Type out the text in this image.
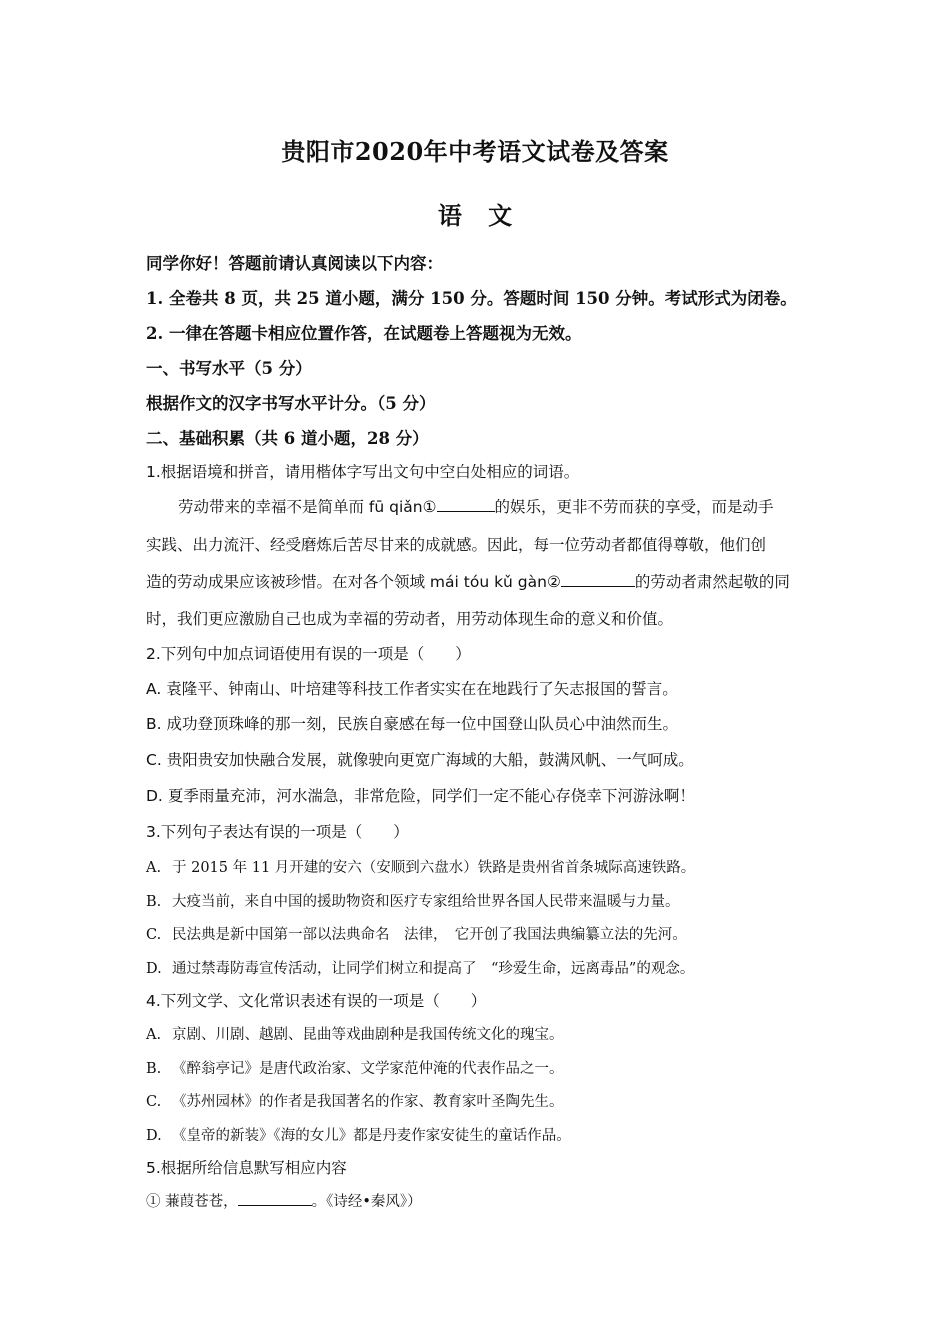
贵阳市2020年中考语文试卷及答案
语 文
同学你好！答题前请认真阅读以下内容：
1. 全卷共 8 页，共 25 道小题，满分 150 分。答题时间 150 分钟。考试形式为闭卷。
2. 一律在答题卡相应位置作答，在试题卷上答题视为无效。
一、书写水平（5 分）
根据作文的汉字书写水平计分。（5 分）
二、基础积累（共 6 道小题，28 分）
1.根据语境和拼音，请用楷体字写出文句中空白处相应的词语。
劳动带来的幸福不是简单而 fū qiǎn①	的娱乐，更非不劳而获的享受，而是动手
实践、出力流汗、经受磨炼后苦尽甘来的成就感。因此，每一位劳动者都值得尊敬，他们创
造的劳动成果应该被珍惜。在对各个领域 mái tóu kǔ gàn②	的劳动者肃然起敬的同
时，我们更应激励自己也成为幸福的劳动者，用劳动体现生命的意义和价值。
2.下列句中加点词语使用有误的一项是（　　）
A. 袁隆平、钟南山、叶培建等科技工作者实实在在地践行了矢志报国的誓言。
B. 成功登顶珠峰的那一刻，民族自豪感在每一位中国登山队员心中油然而生。
C. 贵阳贵安加快融合发展，就像驶向更宽广海域的大船，鼓满风帆、一气呵成。
D. 夏季雨量充沛，河水湍急，非常危险，同学们一定不能心存侥幸下河游泳啊！
3.下列句子表达有误的一项是（　　）
A. 于 2015 年 11 月开建的安六（安顺到六盘水）铁路是贵州省首条城际高速铁路。
B. 大疫当前，来自中国的援助物资和医疗专家组给世界各国人民带来温暖与力量。
C. 民法典是新中国第一部以法典命名　法律，　它开创了我国法典编纂立法的先河。
D. 通过禁毒防毒宣传活动，让同学们树立和提高了　“珍爱生命，远离毒品”的观念。
4.下列文学、文化常识表述有误的一项是（　　）
A. 京剧、川剧、越剧、昆曲等戏曲剧种是我国传统文化的瑰宝。
B. 《醉翁亭记》是唐代政治家、文学家范仲淹的代表作品之一。
C. 《苏州园林》的作者是我国著名的作家、教育家叶圣陶先生。
D. 《皇帝的新装》《海的女儿》都是丹麦作家安徒生的童话作品。
5.根据所给信息默写相应内容
① 蒹葭苍苍，	。《诗经•秦风》）
